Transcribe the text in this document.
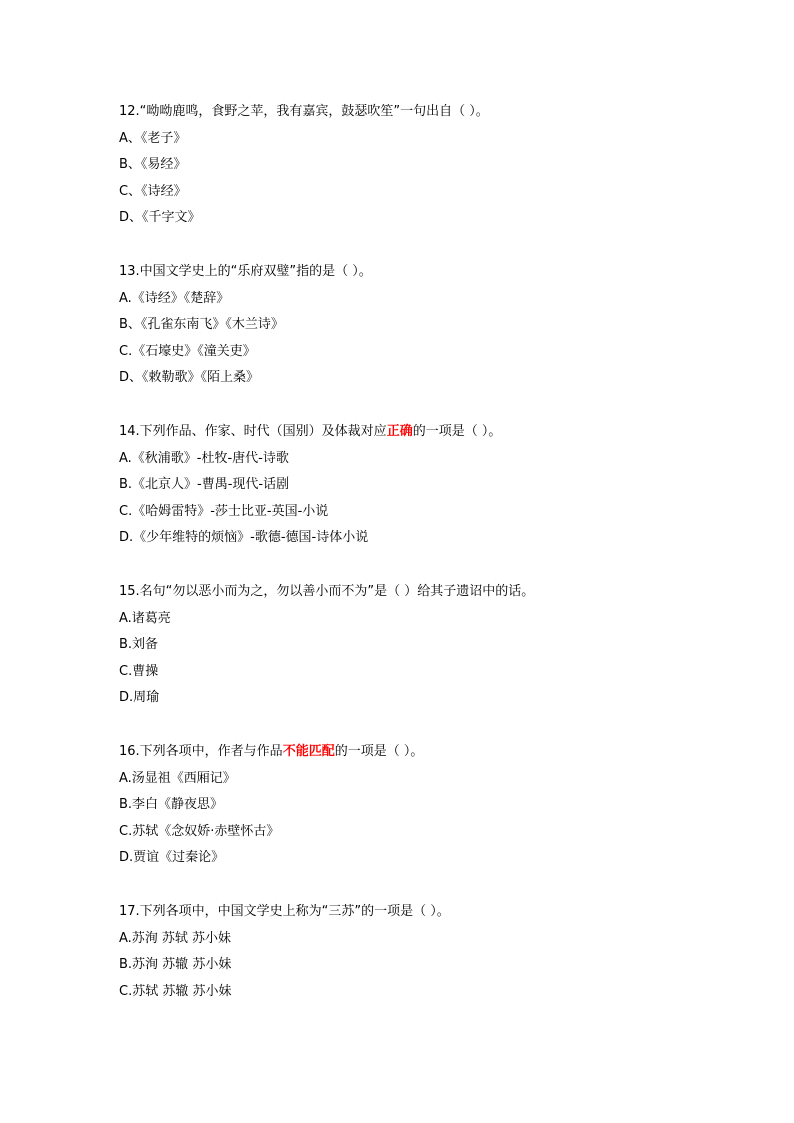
12.“呦呦鹿鸣，食野之苹，我有嘉宾，鼓瑟吹笙”一句出自（ ）。
A、《老子》
B、《易经》
C、《诗经》
D、《千字文》
13.中国文学史上的“乐府双璧”指的是（ ）。
A.《诗经》《楚辞》
B、《孔雀东南飞》《木兰诗》
C.《石壕史》《潼关吏》
D、《敕勒歌》《陌上桑》
14.下列作品、作家、时代（国别）及体裁对应正确的一项是（ ）。
A.《秋浦歌》-杜牧-唐代-诗歌
B.《北京人》-曹禺-现代-话剧
C.《哈姆雷特》-莎士比亚-英国-小说
D.《少年维特的烦恼》-歌德-德国-诗体小说
15.名句“勿以恶小而为之，勿以善小而不为”是（ ）给其子遗诏中的话。
A.诸葛亮
B.刘备
C.曹操
D.周瑜
16.下列各项中，作者与作品不能匹配的一项是（ ）。
A.汤显祖《西厢记》
B.李白《静夜思》
C.苏轼《念奴娇·赤壁怀古》
D.贾谊《过秦论》
17.下列各项中，中国文学史上称为“三苏”的一项是（ ）。
A.苏洵 苏轼 苏小妹
B.苏洵 苏辙 苏小妹
C.苏轼 苏辙 苏小妹
